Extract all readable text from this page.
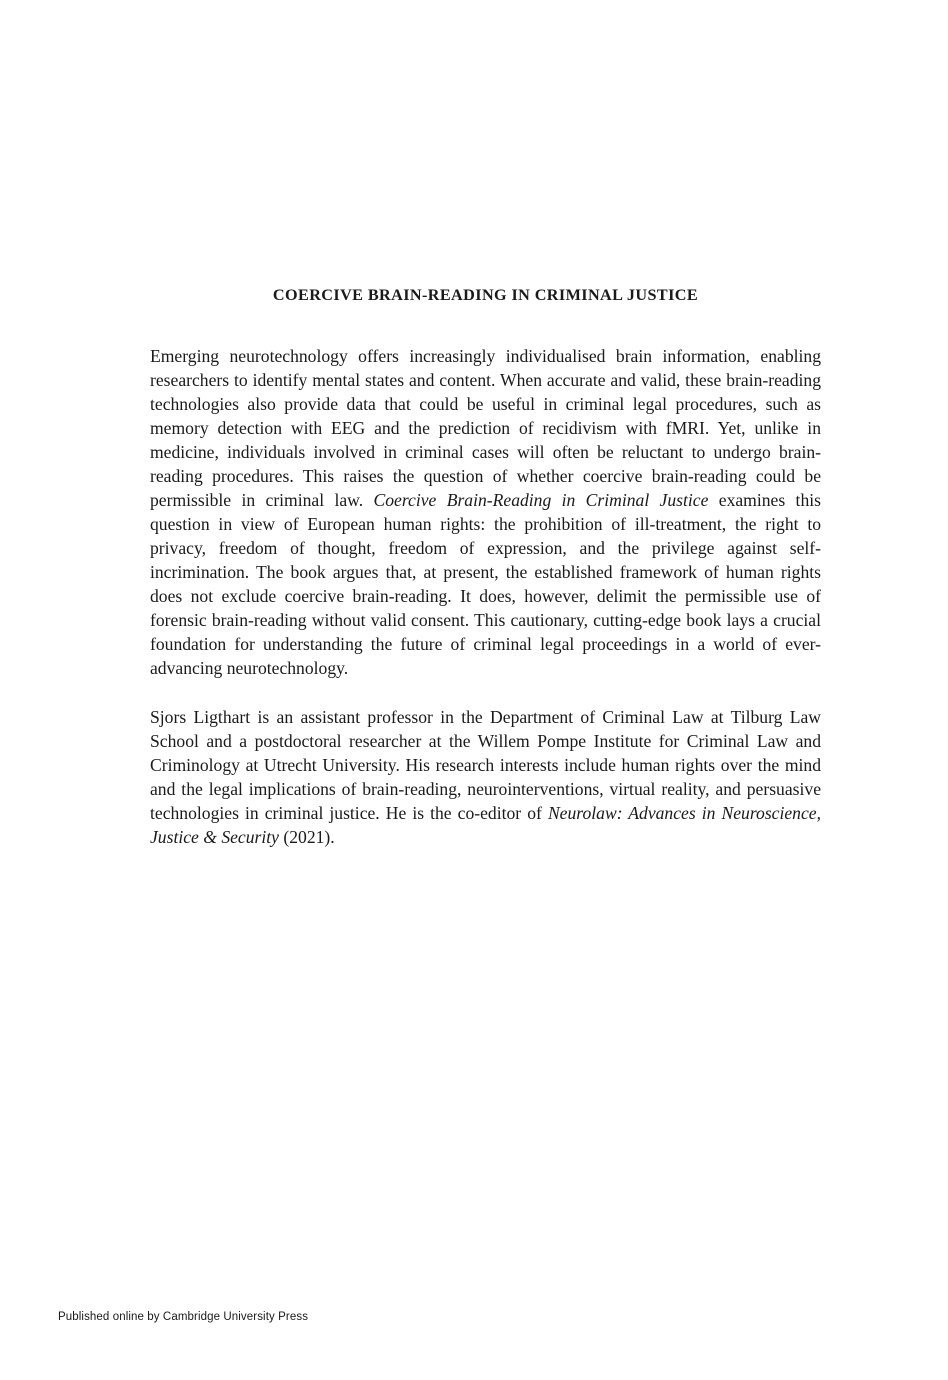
COERCIVE BRAIN-READING IN CRIMINAL JUSTICE

Emerging neurotechnology offers increasingly individualised brain information, enabling researchers to identify mental states and content. When accurate and valid, these brain-reading technologies also provide data that could be useful in criminal legal procedures, such as memory detection with EEG and the prediction of recidivism with fMRI. Yet, unlike in medicine, individuals involved in criminal cases will often be reluctant to undergo brain-reading procedures. This raises the question of whether coercive brain-reading could be permissible in criminal law. Coercive Brain-Reading in Criminal Justice examines this question in view of European human rights: the prohibition of ill-treatment, the right to privacy, freedom of thought, freedom of expression, and the privilege against self-incrimination. The book argues that, at present, the established framework of human rights does not exclude coercive brain-reading. It does, however, delimit the permissible use of forensic brain-reading without valid consent. This cautionary, cutting-edge book lays a crucial foundation for understanding the future of criminal legal proceedings in a world of ever-advancing neurotechnology.

Sjors Ligthart is an assistant professor in the Department of Criminal Law at Tilburg Law School and a postdoctoral researcher at the Willem Pompe Institute for Criminal Law and Criminology at Utrecht University. His research interests include human rights over the mind and the legal implications of brain-reading, neurointerventions, virtual reality, and persuasive technologies in criminal justice. He is the co-editor of Neurolaw: Advances in Neuroscience, Justice & Security (2021).

Published online by Cambridge University Press
